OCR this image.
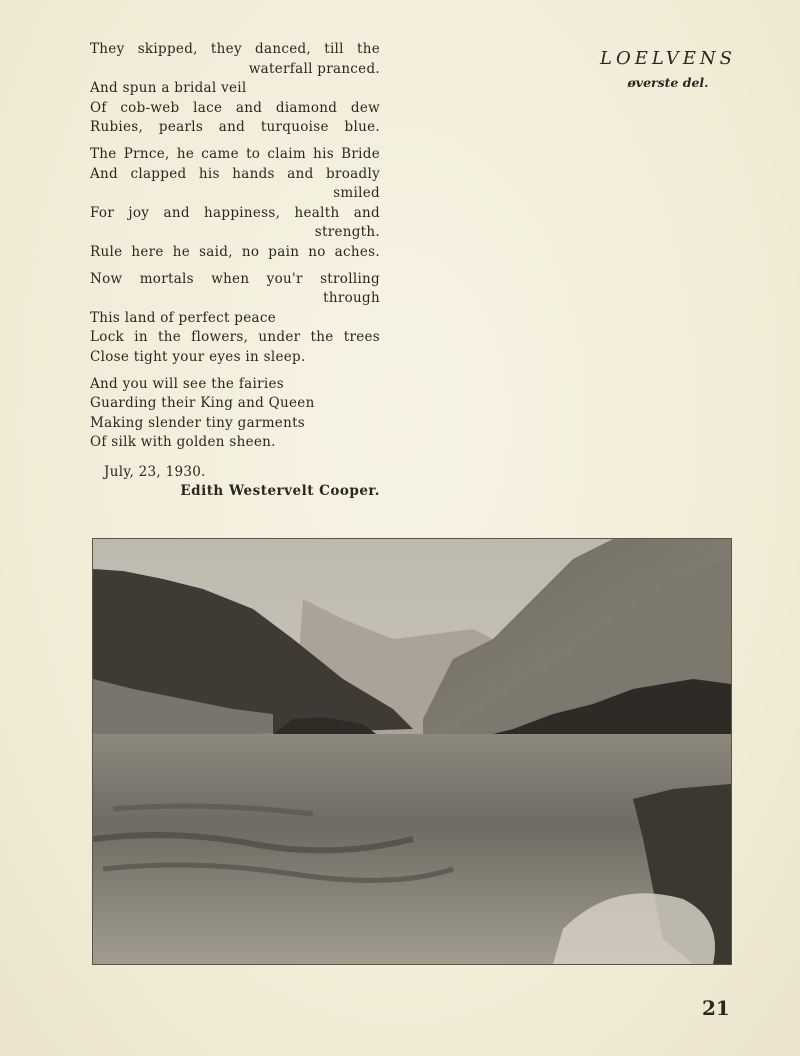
They skipped, they danced, till the
waterfall pranced.
And spun a bridal veil
Of cob-web lace and diamond dew
Rubies, pearls and turquoise blue.
The Prnce, he came to claim his Bride
And clapped his hands and broadly
smiled
For joy and happiness, health and
strength.
Rule here he said, no pain no aches.
Now mortals when you'r strolling
through
This land of perfect peace
Lock in the flowers, under the trees
Close tight your eyes in sleep.
And you will see the fairies
Guarding their King and Queen
Making slender tiny garments
Of silk with golden sheen.
July, 23, 1930.
Edith Westervelt Cooper.
LOELVENS
øverste del.
21
